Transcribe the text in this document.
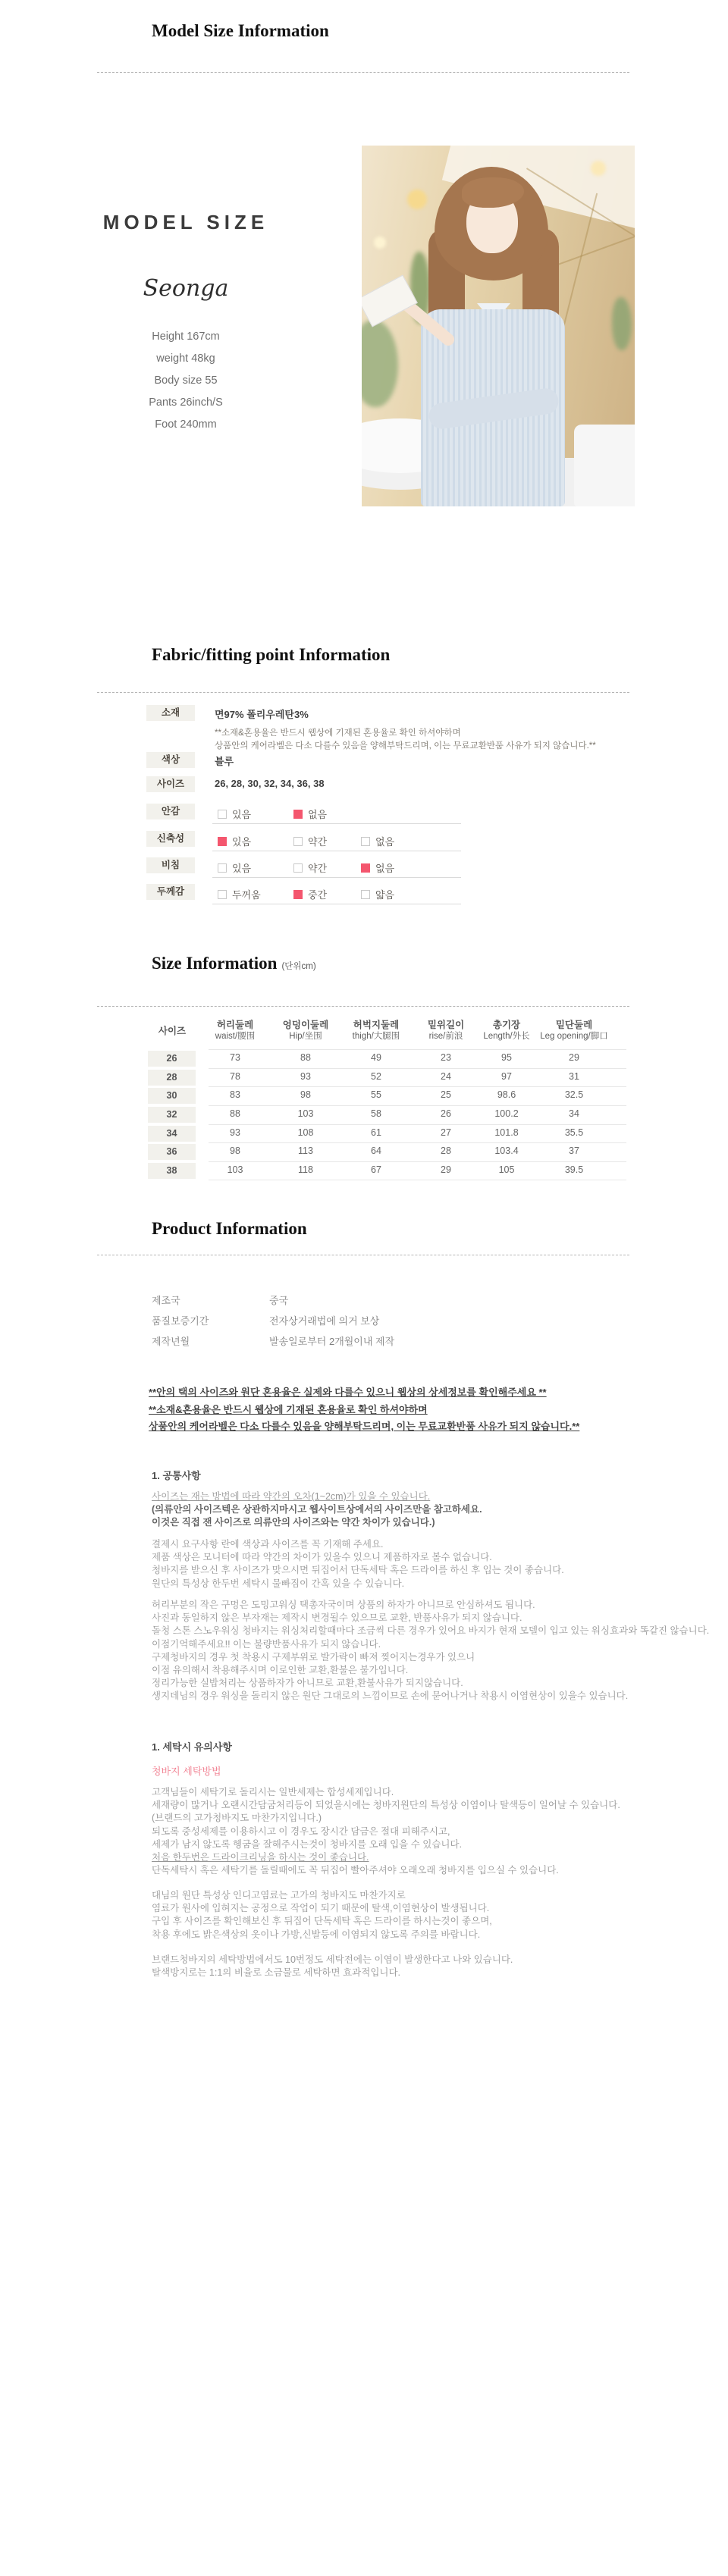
Model Size Information
MODEL SIZE
Seonga
Height 167cm
weight 48kg
Body size 55
Pants 26inch/S
Foot 240mm
Fabric/fitting point Information
소재	면97% 폴리우레탄3%
**소재&혼용율은 반드시 웹상에 기재된 혼용율로 확인 하셔야하며
상품안의 케어라벨은 다소 다를수 있음을 양해부탁드리며, 이는 무료교환반품 사유가 되지 않습니다.**
색상	블루
사이즈	26, 28, 30, 32, 34, 36, 38
안감	있음	없음
신축성	있음	약간	없음
비침	있음	약간	없음
두께감	두꺼움	중간	얇음
Size Information (단위cm)
사이즈
허리둘레
waist/腰围
엉덩이둘레
Hip/坐围
허벅지둘레
thigh/大腿围
밑위길이
rise/前浪
총기장
Length/外长
밑단둘레
Leg opening/脚口
26	73	88	49	23	95	29
28	78	93	52	24	97	31
30	83	98	55	25	98.6	32.5
32	88	103	58	26	100.2	34
34	93	108	61	27	101.8	35.5
36	98	113	64	28	103.4	37
38	103	118	67	29	105	39.5
Product Information
제조국	중국
품질보증기간	전자상거래법에 의거 보상
제작년월	발송일로부터 2개월이내 제작
**안의 택의 사이즈와 원단 혼용율은 실제와 다를수 있으니 웹상의 상세정보를 확인해주세요 **
**소재&혼용율은 반드시 웹상에 기재된 혼용율로 확인 하셔야하며
상품안의 케어라벨은 다소 다를수 있음을 양해부탁드리며, 이는 무료교환반품 사유가 되지 않습니다.**
1. 공통사항
사이즈는 재는 방법에 따라 약간의 오차(1~2cm)가 있을 수 있습니다.
(의류안의 사이즈텍은 상관하지마시고 웹사이트상에서의 사이즈만을 참고하세요.
이것은 직접 잰 사이즈로 의류안의 사이즈와는 약간 차이가 있습니다.)
결제시 요구사항 란에 색상과 사이즈를 꼭 기재해 주세요.
제품 색상은 모니터에 따라 약간의 차이가 있을수 있으니 제품하자로 볼수 없습니다.
청바지를 받으신 후 사이즈가 맞으시면 뒤집어서 단독세탁 혹은 드라이를 하신 후 입는 것이 좋습니다.
원단의 특성상 한두번 세탁시 물빠짐이 간혹 있을 수 있습니다.
허리부분의 작은 구멍은 도밍고워싱 택총자국이며 상품의 하자가 아니므로 안심하셔도 됩니다.
사진과 동일하지 않은 부자재는 제작시 변경될수 있으므로 교환, 반품사유가 되지 않습니다.
돌청 스톤 스노우워싱 청바지는 워싱처리할때마다 조금씩 다른 경우가 있어요 바지가 현재 모델이 입고 있는 워싱효과와 똑같진 않습니다.
이점기억해주세요!! 이는 불량반품사유가 되지 않습니다.
구제청바지의 경우 첫 착용시 구제부위로 발가락이 빠져 찢어지는경우가 있으니
이점 유의해서 착용해주시며 이로인한 교환,환불은 불가입니다.
정리가능한 실밥처리는 상품하자가 아니므로 교환,환불사유가 되지않습니다.
생지데님의 경우 워싱을 돌리지 않은 원단 그대로의 느낌이므로 손에 묻어나거나 착용시 이염현상이 있을수 있습니다.
1. 세탁시 유의사항
청바지 세탁방법
고객님들이 세탁기로 돌리시는 일반세제는 합성세제입니다.
세재량이 많거나 오랜시간담굼처리등이 되었을시에는 청바지원단의 특성상 이염이나 탈색등이 일어날 수 있습니다.
(브랜드의 고가청바지도 마찬가지입니다.)
되도록 중성세제를 이용하시고 이 경우도 장시간 담금은 절대 피해주시고,
세제가 남지 않도록 헹굼을 잘해주시는것이 청바지를 오래 입을 수 있습니다.
처음 한두번은 드라이크리닝을 하시는 것이 좋습니다.
단독세탁시 혹은 세탁기를 돌릴때에도 꼭 뒤집어 빨아주셔야 오래오래 청바지를 입으실 수 있습니다.
대님의 원단 특성상 인디고염료는 고가의 청바지도 마찬가지로
염료가 원사에 입혀지는 공정으로 작업이 되기 때문에 탈색,이염현상이 발생됩니다.
구입 후 사이즈를 확인해보신 후 뒤집어 단독세탁 혹은 드라이를 하시는것이 좋으며,
착용 후에도 밝은색상의 옷이나 가방,신발등에 이염되지 않도록 주의를 바랍니다.
브랜드청바지의 세탁방법에서도 10번정도 세탁전에는 이염이 발생한다고 나와 있습니다.
탈색방지로는 1:1의 비율로 소금물로 세탁하면 효과적입니다.
